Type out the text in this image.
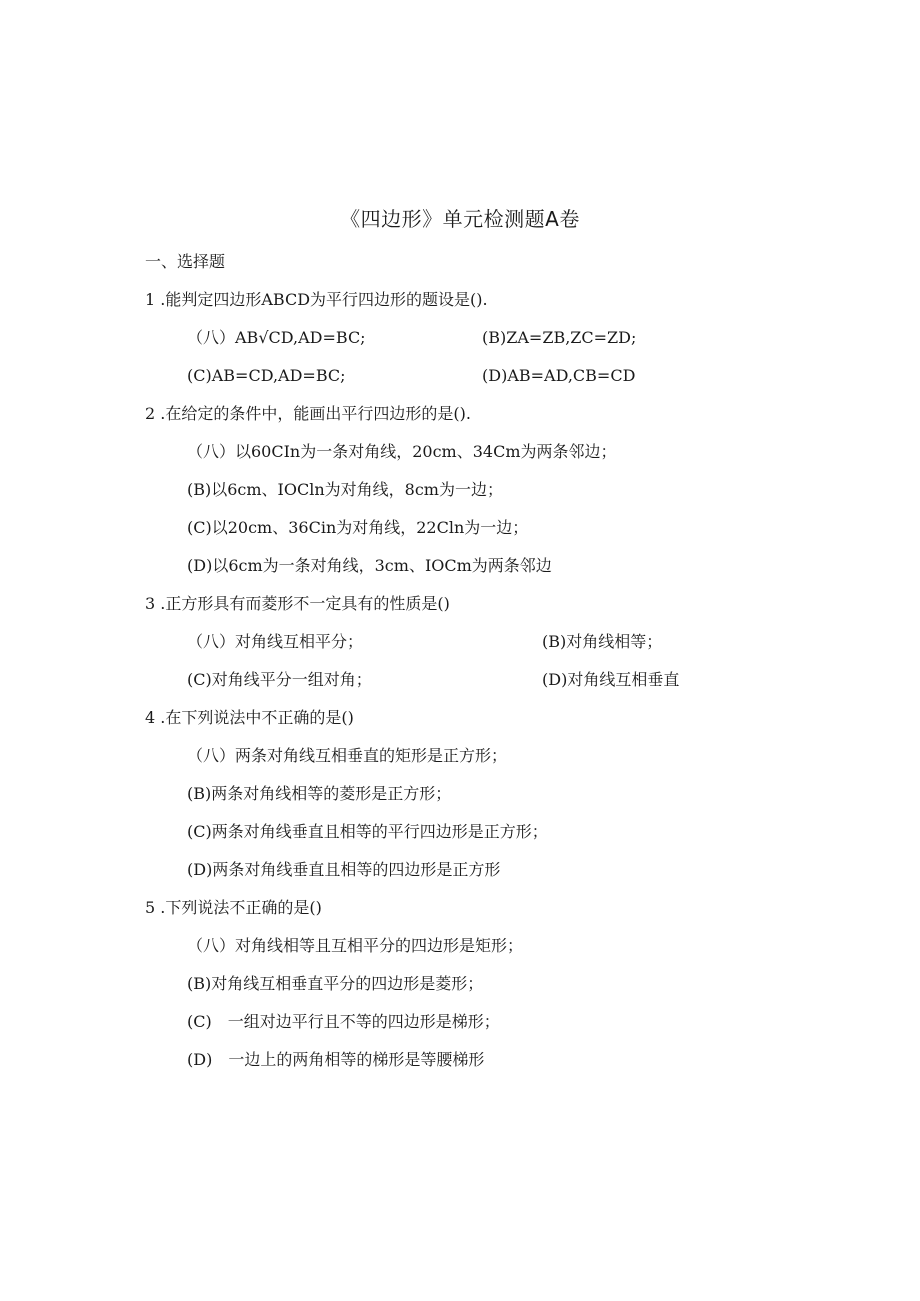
《四边形》单元检测题A卷
一、选择题
1 .能判定四边形ABCD为平行四边形的题设是().
（八）AB√CD,AD=BC;	(B)ZA=ZB,ZC=ZD;
(C)AB=CD,AD=BC;	(D)AB=AD,CB=CD
2 .在给定的条件中，能画出平行四边形的是().
（八）以60CIn为一条对角线，20cm、34Cm为两条邻边；
(B)以6cm、IOCln为对角线，8cm为一边；
(C)以20cm、36Cin为对角线，22Cln为一边；
(D)以6cm为一条对角线，3cm、IOCm为两条邻边
3 .正方形具有而菱形不一定具有的性质是()
（八）对角线互相平分；	(B)对角线相等；
(C)对角线平分一组对角；	(D)对角线互相垂直
4 .在下列说法中不正确的是()
（八）两条对角线互相垂直的矩形是正方形；
(B)两条对角线相等的菱形是正方形；
(C)两条对角线垂直且相等的平行四边形是正方形；
(D)两条对角线垂直且相等的四边形是正方形
5 .下列说法不正确的是()
（八）对角线相等且互相平分的四边形是矩形；
(B)对角线互相垂直平分的四边形是菱形；
(C)　一组对边平行且不等的四边形是梯形；
(D)　一边上的两角相等的梯形是等腰梯形
